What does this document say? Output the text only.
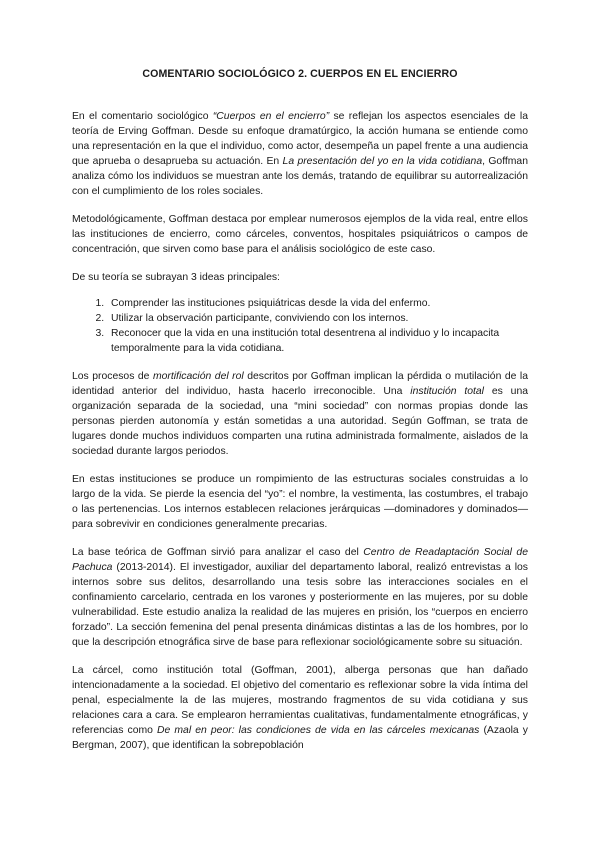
COMENTARIO SOCIOLÓGICO 2. CUERPOS EN EL ENCIERRO

En el comentario sociológico “Cuerpos en el encierro” se reflejan los aspectos esenciales de la teoría de Erving Goffman. Desde su enfoque dramatúrgico, la acción humana se entiende como una representación en la que el individuo, como actor, desempeña un papel frente a una audiencia que aprueba o desaprueba su actuación. En La presentación del yo en la vida cotidiana, Goffman analiza cómo los individuos se muestran ante los demás, tratando de equilibrar su autorrealización con el cumplimiento de los roles sociales.

Metodológicamente, Goffman destaca por emplear numerosos ejemplos de la vida real, entre ellos las instituciones de encierro, como cárceles, conventos, hospitales psiquiátricos o campos de concentración, que sirven como base para el análisis sociológico de este caso.

De su teoría se subrayan 3 ideas principales:

1. Comprender las instituciones psiquiátricas desde la vida del enfermo.
2. Utilizar la observación participante, conviviendo con los internos.
3. Reconocer que la vida en una institución total desentrena al individuo y lo incapacita temporalmente para la vida cotidiana.

Los procesos de mortificación del rol descritos por Goffman implican la pérdida o mutilación de la identidad anterior del individuo, hasta hacerlo irreconocible. Una institución total es una organización separada de la sociedad, una “mini sociedad” con normas propias donde las personas pierden autonomía y están sometidas a una autoridad. Según Goffman, se trata de lugares donde muchos individuos comparten una rutina administrada formalmente, aislados de la sociedad durante largos periodos.

En estas instituciones se produce un rompimiento de las estructuras sociales construidas a lo largo de la vida. Se pierde la esencia del “yo”: el nombre, la vestimenta, las costumbres, el trabajo o las pertenencias. Los internos establecen relaciones jerárquicas —dominadores y dominados— para sobrevivir en condiciones generalmente precarias.

La base teórica de Goffman sirvió para analizar el caso del Centro de Readaptación Social de Pachuca (2013-2014). El investigador, auxiliar del departamento laboral, realizó entrevistas a los internos sobre sus delitos, desarrollando una tesis sobre las interacciones sociales en el confinamiento carcelario, centrada en los varones y posteriormente en las mujeres, por su doble vulnerabilidad. Este estudio analiza la realidad de las mujeres en prisión, los “cuerpos en encierro forzado”. La sección femenina del penal presenta dinámicas distintas a las de los hombres, por lo que la descripción etnográfica sirve de base para reflexionar sociológicamente sobre su situación.

La cárcel, como institución total (Goffman, 2001), alberga personas que han dañado intencionadamente a la sociedad. El objetivo del comentario es reflexionar sobre la vida íntima del penal, especialmente la de las mujeres, mostrando fragmentos de su vida cotidiana y sus relaciones cara a cara. Se emplearon herramientas cualitativas, fundamentalmente etnográficas, y referencias como De mal en peor: las condiciones de vida en las cárceles mexicanas (Azaola y Bergman, 2007), que identifican la sobrepoblación
